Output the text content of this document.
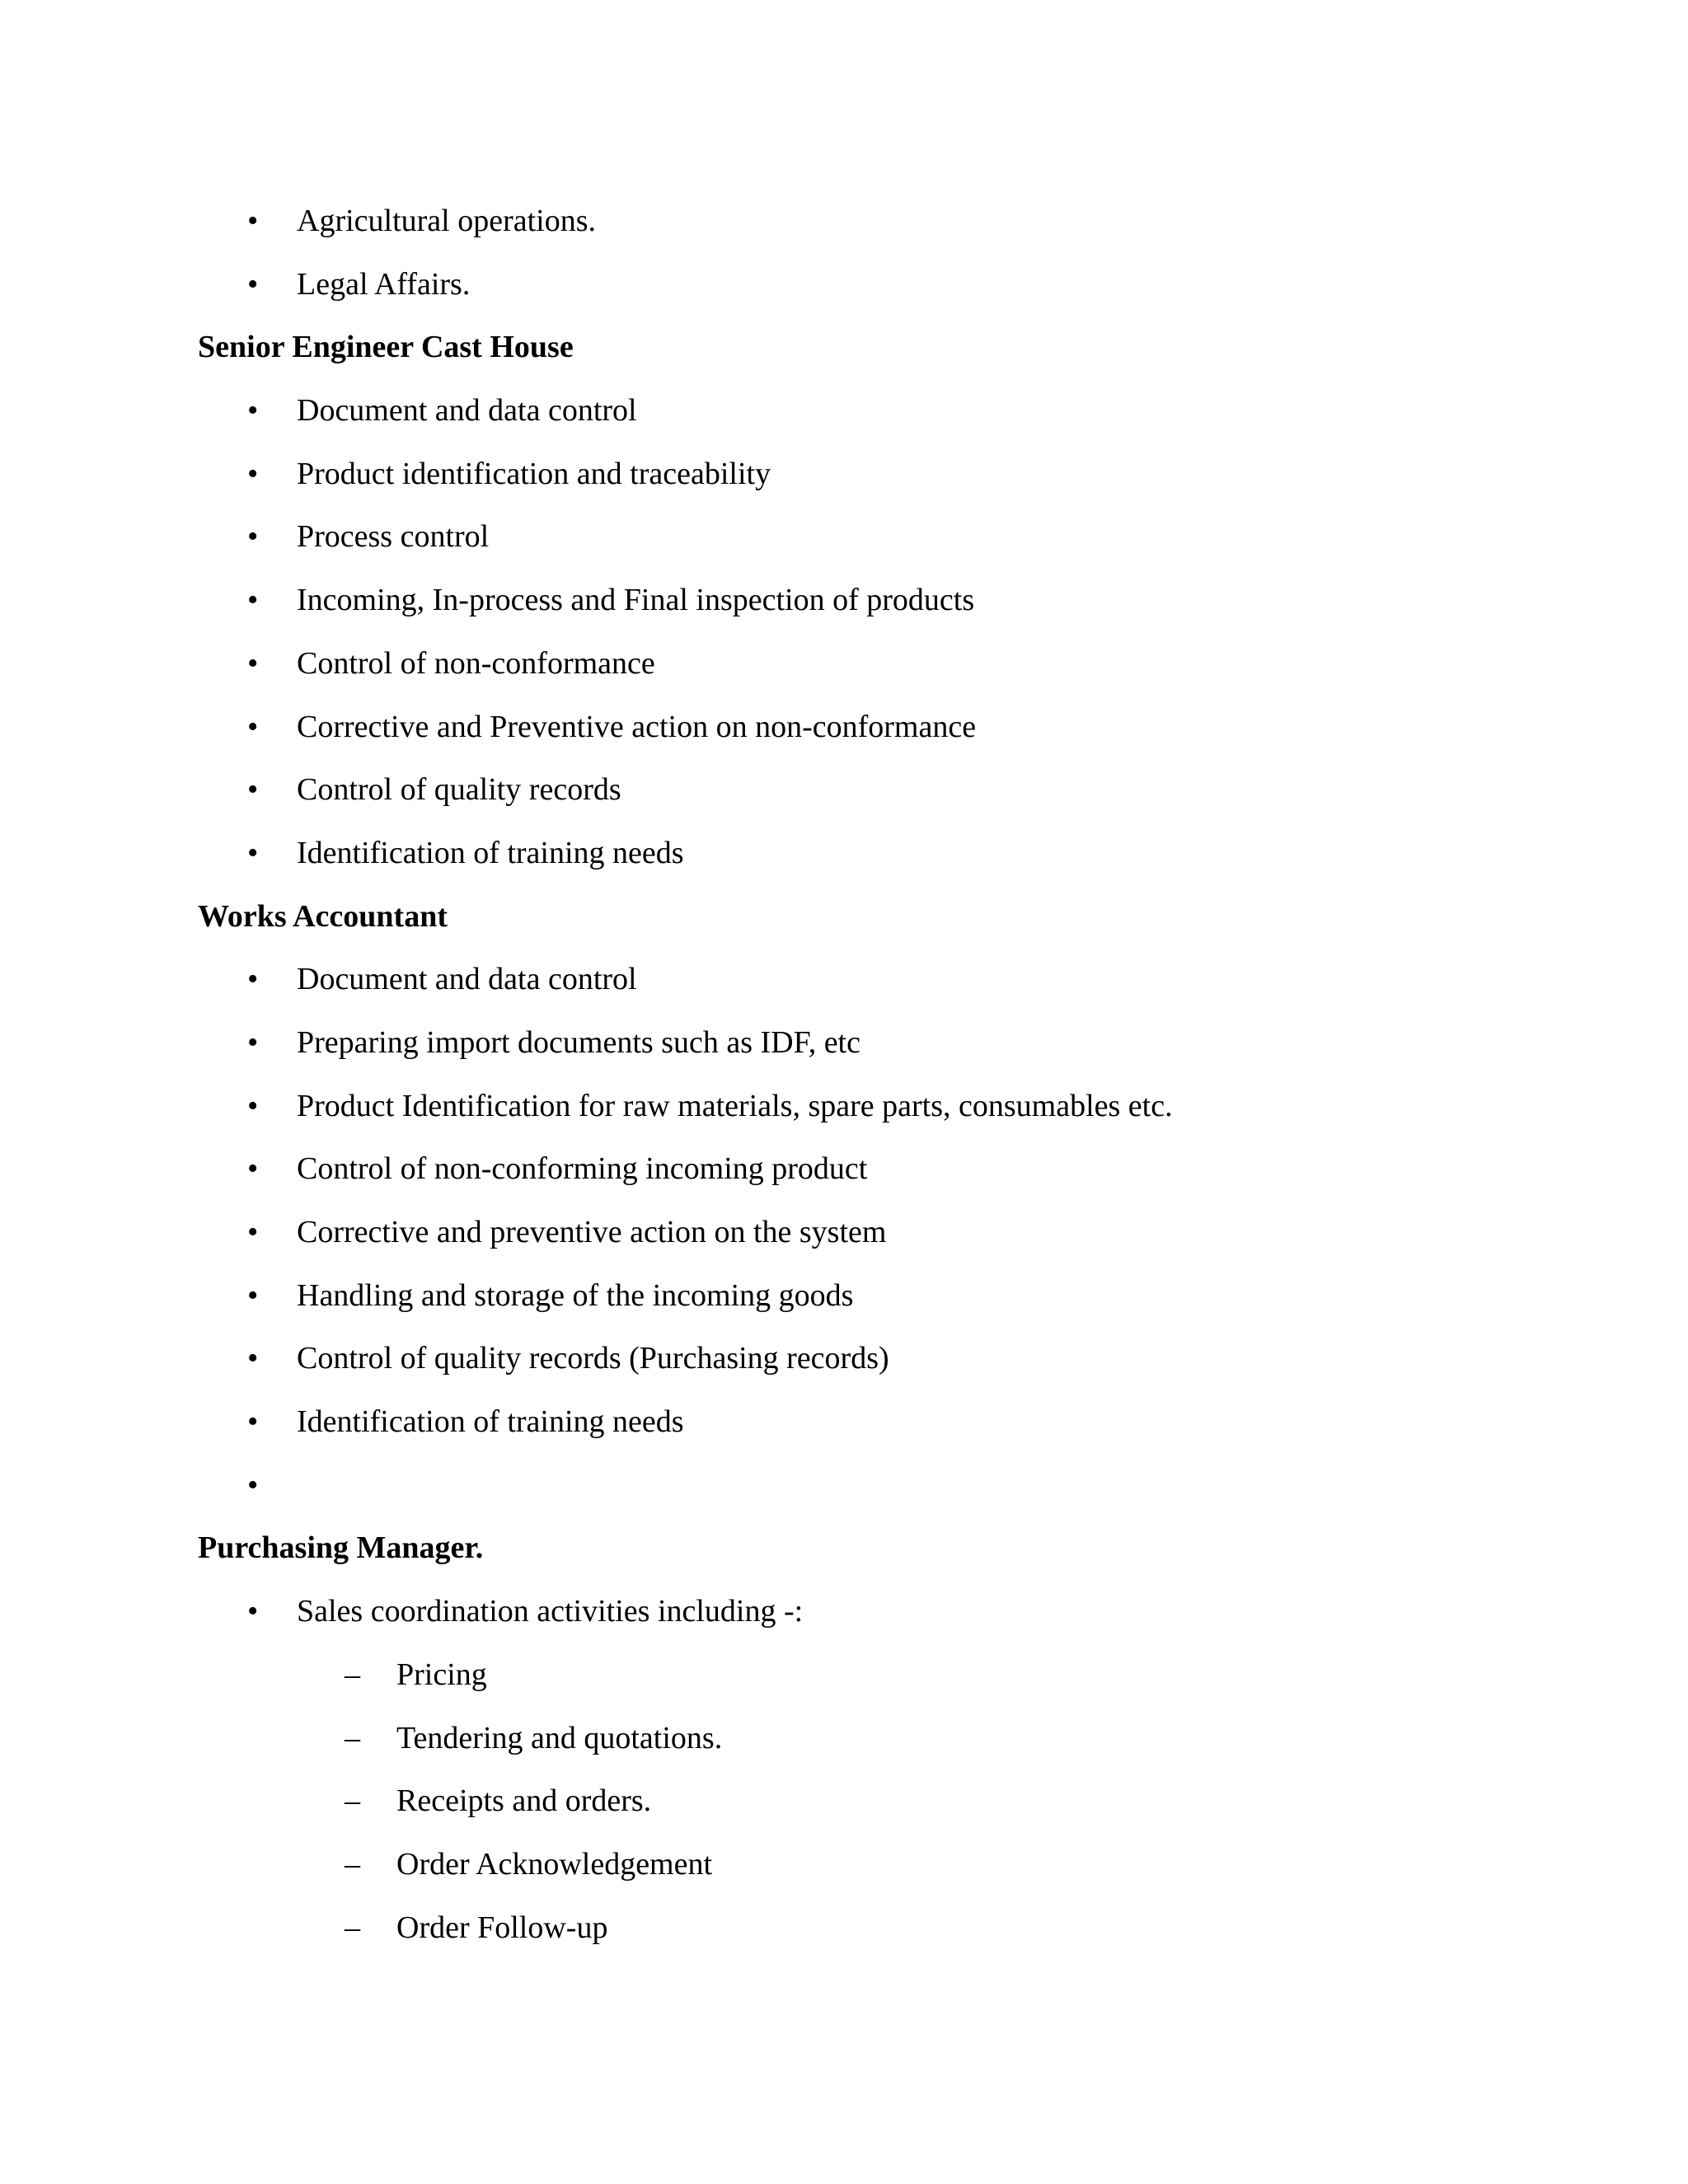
• Agricultural operations.
• Legal Affairs.
Senior Engineer Cast House
• Document and data control
• Product identification and traceability
• Process control
• Incoming, In-process and Final inspection of products
• Control of non-conformance
• Corrective and Preventive action on non-conformance
• Control of quality records
• Identification of training needs
Works Accountant
• Document and data control
• Preparing import documents such as IDF, etc
• Product Identification for raw materials, spare parts, consumables etc.
• Control of non-conforming incoming product
• Corrective and preventive action on the system
• Handling and storage of the incoming goods
• Control of quality records (Purchasing records)
• Identification of training needs
•
Purchasing Manager.
• Sales coordination activities including -:
– Pricing
– Tendering and quotations.
– Receipts and orders.
– Order Acknowledgement
– Order Follow-up
